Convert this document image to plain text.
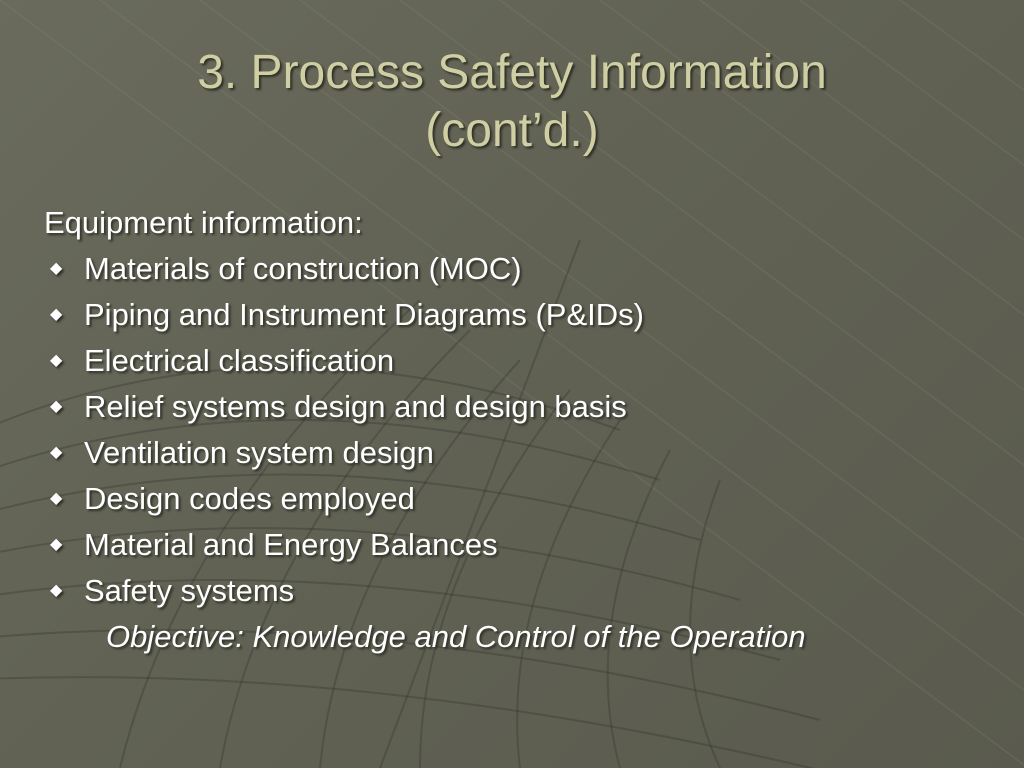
3. Process Safety Information
(cont’d.)
Equipment information:
◆ Materials of construction (MOC)
◆ Piping and Instrument Diagrams (P&IDs)
◆ Electrical classification
◆ Relief systems design and design basis
◆ Ventilation system design
◆ Design codes employed
◆ Material and Energy Balances
◆ Safety systems
Objective: Knowledge and Control of the Operation
